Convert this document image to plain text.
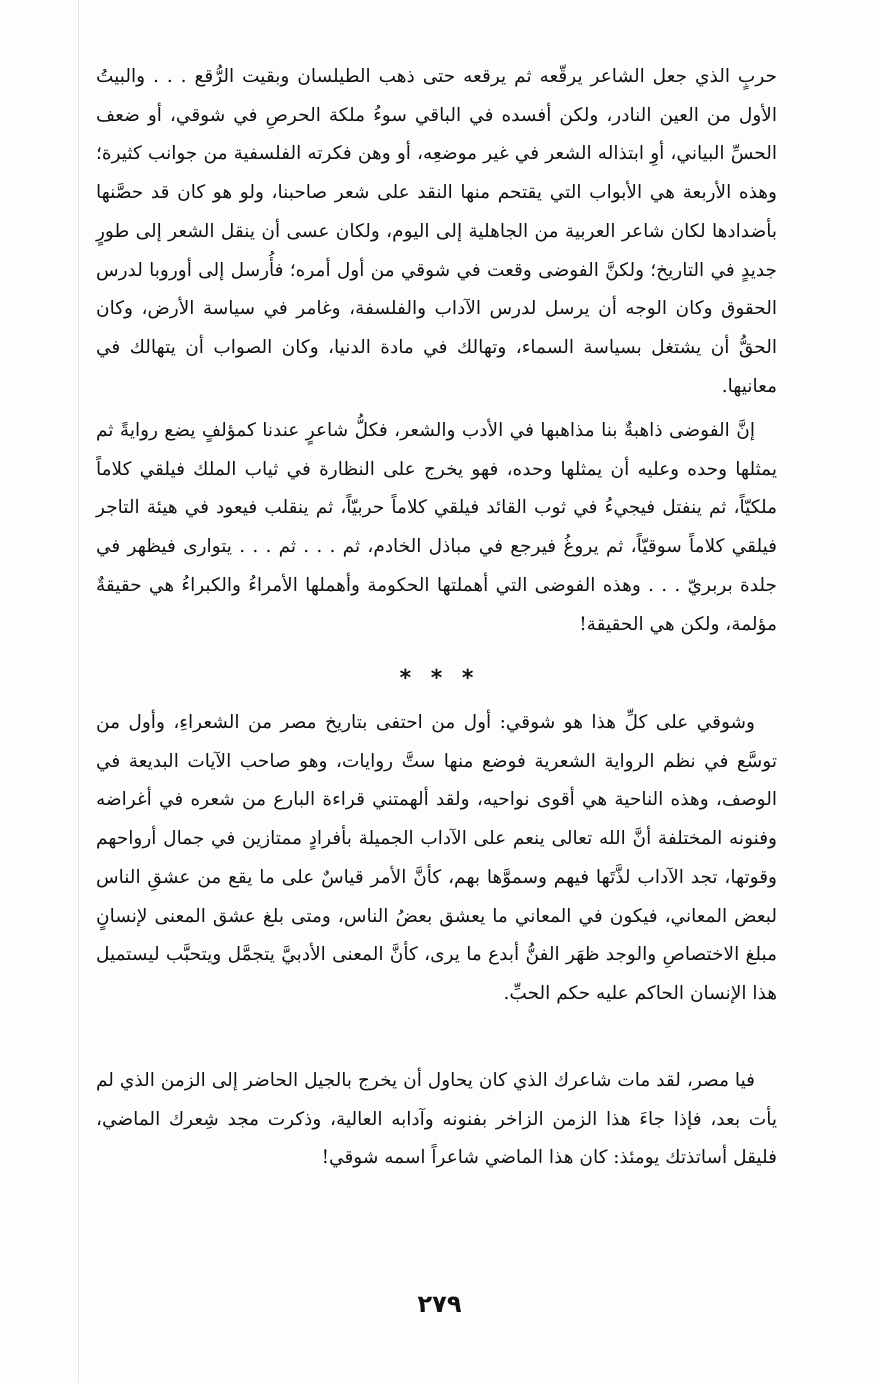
حربٍ الذي جعل الشاعر يرقّعه ثم يرقعه حتى ذهب الطيلسان وبقيت الرُّقع . . . والبيتُ الأول من العين النادر، ولكن أفسده في الباقي سوءُ ملكة الحرصِ في شوقي، أو ضعف الحسِّ البياني، أوِ ابتذاله الشعر في غير موضعِه، أو وهن فكرته الفلسفية من جوانب كثيرة؛ وهذه الأربعة هي الأبواب التي يقتحم منها النقد على شعر صاحبنا، ولو هو كان قد حصَّنها بأضدادها لكان شاعر العربية من الجاهلية إلى اليوم، ولكان عسى أن ينقل الشعر إلى طورٍ جديدٍ في التاريخ؛ ولكنَّ الفوضى وقعت في شوقي من أول أمره؛ فأُرسل إلى أوروبا لدرس الحقوق وكان الوجه أن يرسل لدرس الآداب والفلسفة، وغامر في سياسة الأرض، وكان الحقُّ أن يشتغل بسياسة السماء، وتهالك في مادة الدنيا، وكان الصواب أن يتهالك في معانيها.

إنَّ الفوضى ذاهبةٌ بنا مذاهبها في الأدب والشعر، فكلُّ شاعرٍ عندنا كمؤلفٍ يضع روايةً ثم يمثلها وحده وعليه أن يمثلها وحده، فهو يخرج على النظارة في ثياب الملك فيلقي كلاماً ملكيّاً، ثم ينفتل فيجيءُ في ثوب القائد فيلقي كلاماً حربيّاً، ثم ينقلب فيعود في هيئة التاجر فيلقي كلاماً سوقيّاً، ثم يروغُ فيرجع في مباذل الخادم، ثم . . . ثم . . . يتوارى فيظهر في جلدة بربريّ . . . وهذه الفوضى التي أهملتها الحكومة وأهملها الأمراءُ والكبراءُ هي حقيقةٌ مؤلمة، ولكن هي الحقيقة!

* * *

وشوقي على كلِّ هذا هو شوقي: أول من احتفى بتاريخ مصر من الشعراءِ، وأول من توسَّع في نظم الرواية الشعرية فوضع منها ستَّ روايات، وهو صاحب الآيات البديعة في الوصف، وهذه الناحية هي أقوى نواحيه، ولقد ألهمتني قراءة البارع من شعره في أغراضه وفنونه المختلفة أنَّ الله تعالى ينعم على الآداب الجميلة بأفرادٍ ممتازين في جمال أرواحهم وقوتها، تجد الآداب لذَّتَها فيهم وسموَّها بهم، كأنَّ الأمر قياسٌ على ما يقع من عشقِ الناس لبعض المعاني، فيكون في المعاني ما يعشق بعضُ الناس، ومتى بلغ عشق المعنى لإنسانٍ مبلغ الاختصاصِ والوجد ظهَر الفنُّ أبدع ما يرى، كأنَّ المعنى الأدبيَّ يتجمَّل ويتحبَّب ليستميل هذا الإنسان الحاكم عليه حكم الحبِّ.

فيا مصر، لقد مات شاعرك الذي كان يحاول أن يخرج بالجيل الحاضر إلى الزمن الذي لم يأت بعد، فإذا جاءَ هذا الزمن الزاخر بفنونه وآدابه العالية، وذكرت مجد شِعرك الماضي، فليقل أساتذتك يومئذ: كان هذا الماضي شاعراً اسمه شوقي!

٢٧٩
